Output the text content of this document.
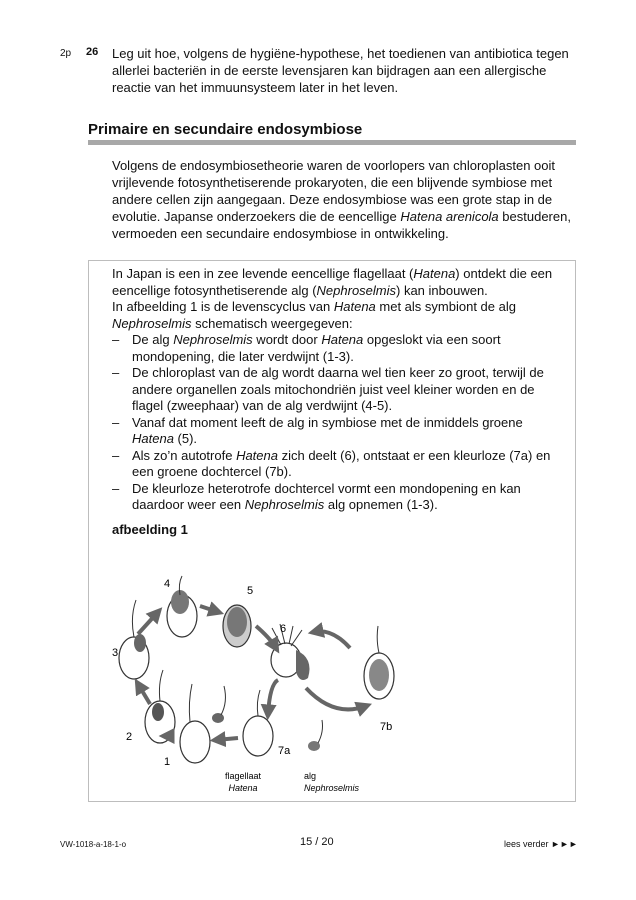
2p 26 Leg uit hoe, volgens de hygiëne-hypothese, het toedienen van antibiotica tegen allerlei bacteriën in de eerste levensjaren kan bijdragen aan een allergische reactie van het immuunsysteem later in het leven.
Primaire en secundaire endosymbiose
Volgens de endosymbiosetheorie waren de voorlopers van chloroplasten ooit vrijlevende fotosynthetiserende prokaryoten, die een blijvende symbiose met andere cellen zijn aangegaan. Deze endosymbiose was een grote stap in de evolutie. Japanse onderzoekers die de eencellige Hatena arenicola bestuderen, vermoeden een secundaire endosymbiose in ontwikkeling.

In Japan is een in zee levende eencellige flagellaat (Hatena) ontdekt die een eencellige fotosynthetiserende alg (Nephroselmis) kan inbouwen.

In afbeelding 1 is de levenscyclus van Hatena met als symbiont de alg Nephroselmis schematisch weergegeven:

– De alg Nephroselmis wordt door Hatena opgeslokt via een soort mondopening, die later verdwijnt (1-3).
– De chloroplast van de alg wordt daarna wel tien keer zo groot, terwijl de andere organellen zoals mitochondriën juist veel kleiner worden en de flagel (zweephaar) van de alg verdwijnt (4-5).
– Vanaf dat moment leeft de alg in symbiose met de inmiddels groene Hatena (5).
– Als zo’n autotrofe Hatena zich deelt (6), ontstaat er een kleurloze (7a) en een groene dochtercel (7b).
– De kleurloze heterotrofe dochtercel vormt een mondopening en kan daardoor weer een Nephroselmis alg opnemen (1-3).
afbeelding 1
1
2
3
4
5
6
7a
7b
flagellaat
Hatena
alg
Nephroselmis
VW-1018-a-18-1-o	15 / 20	lees verder ►►►
